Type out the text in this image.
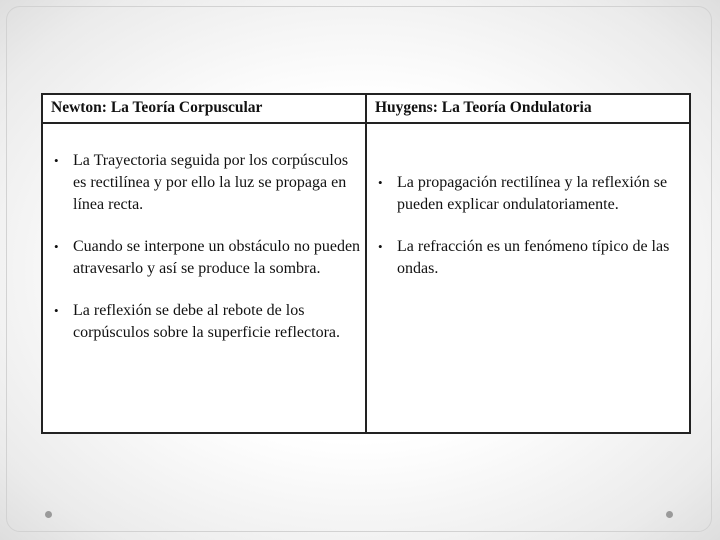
Newton: La Teoría Corpuscular	Huygens: La Teoría Ondulatoria
• La Trayectoria seguida por los corpúsculos es rectilínea y por ello la luz se propaga en línea recta.
• Cuando se interpone un obstáculo no pueden atravesarlo y así se produce la sombra.
• La reflexión se debe al rebote de los corpúsculos sobre la superficie reflectora.
• La propagación rectilínea y la reflexión se pueden explicar ondulatoriamente.
• La refracción es un fenómeno típico de las ondas.
